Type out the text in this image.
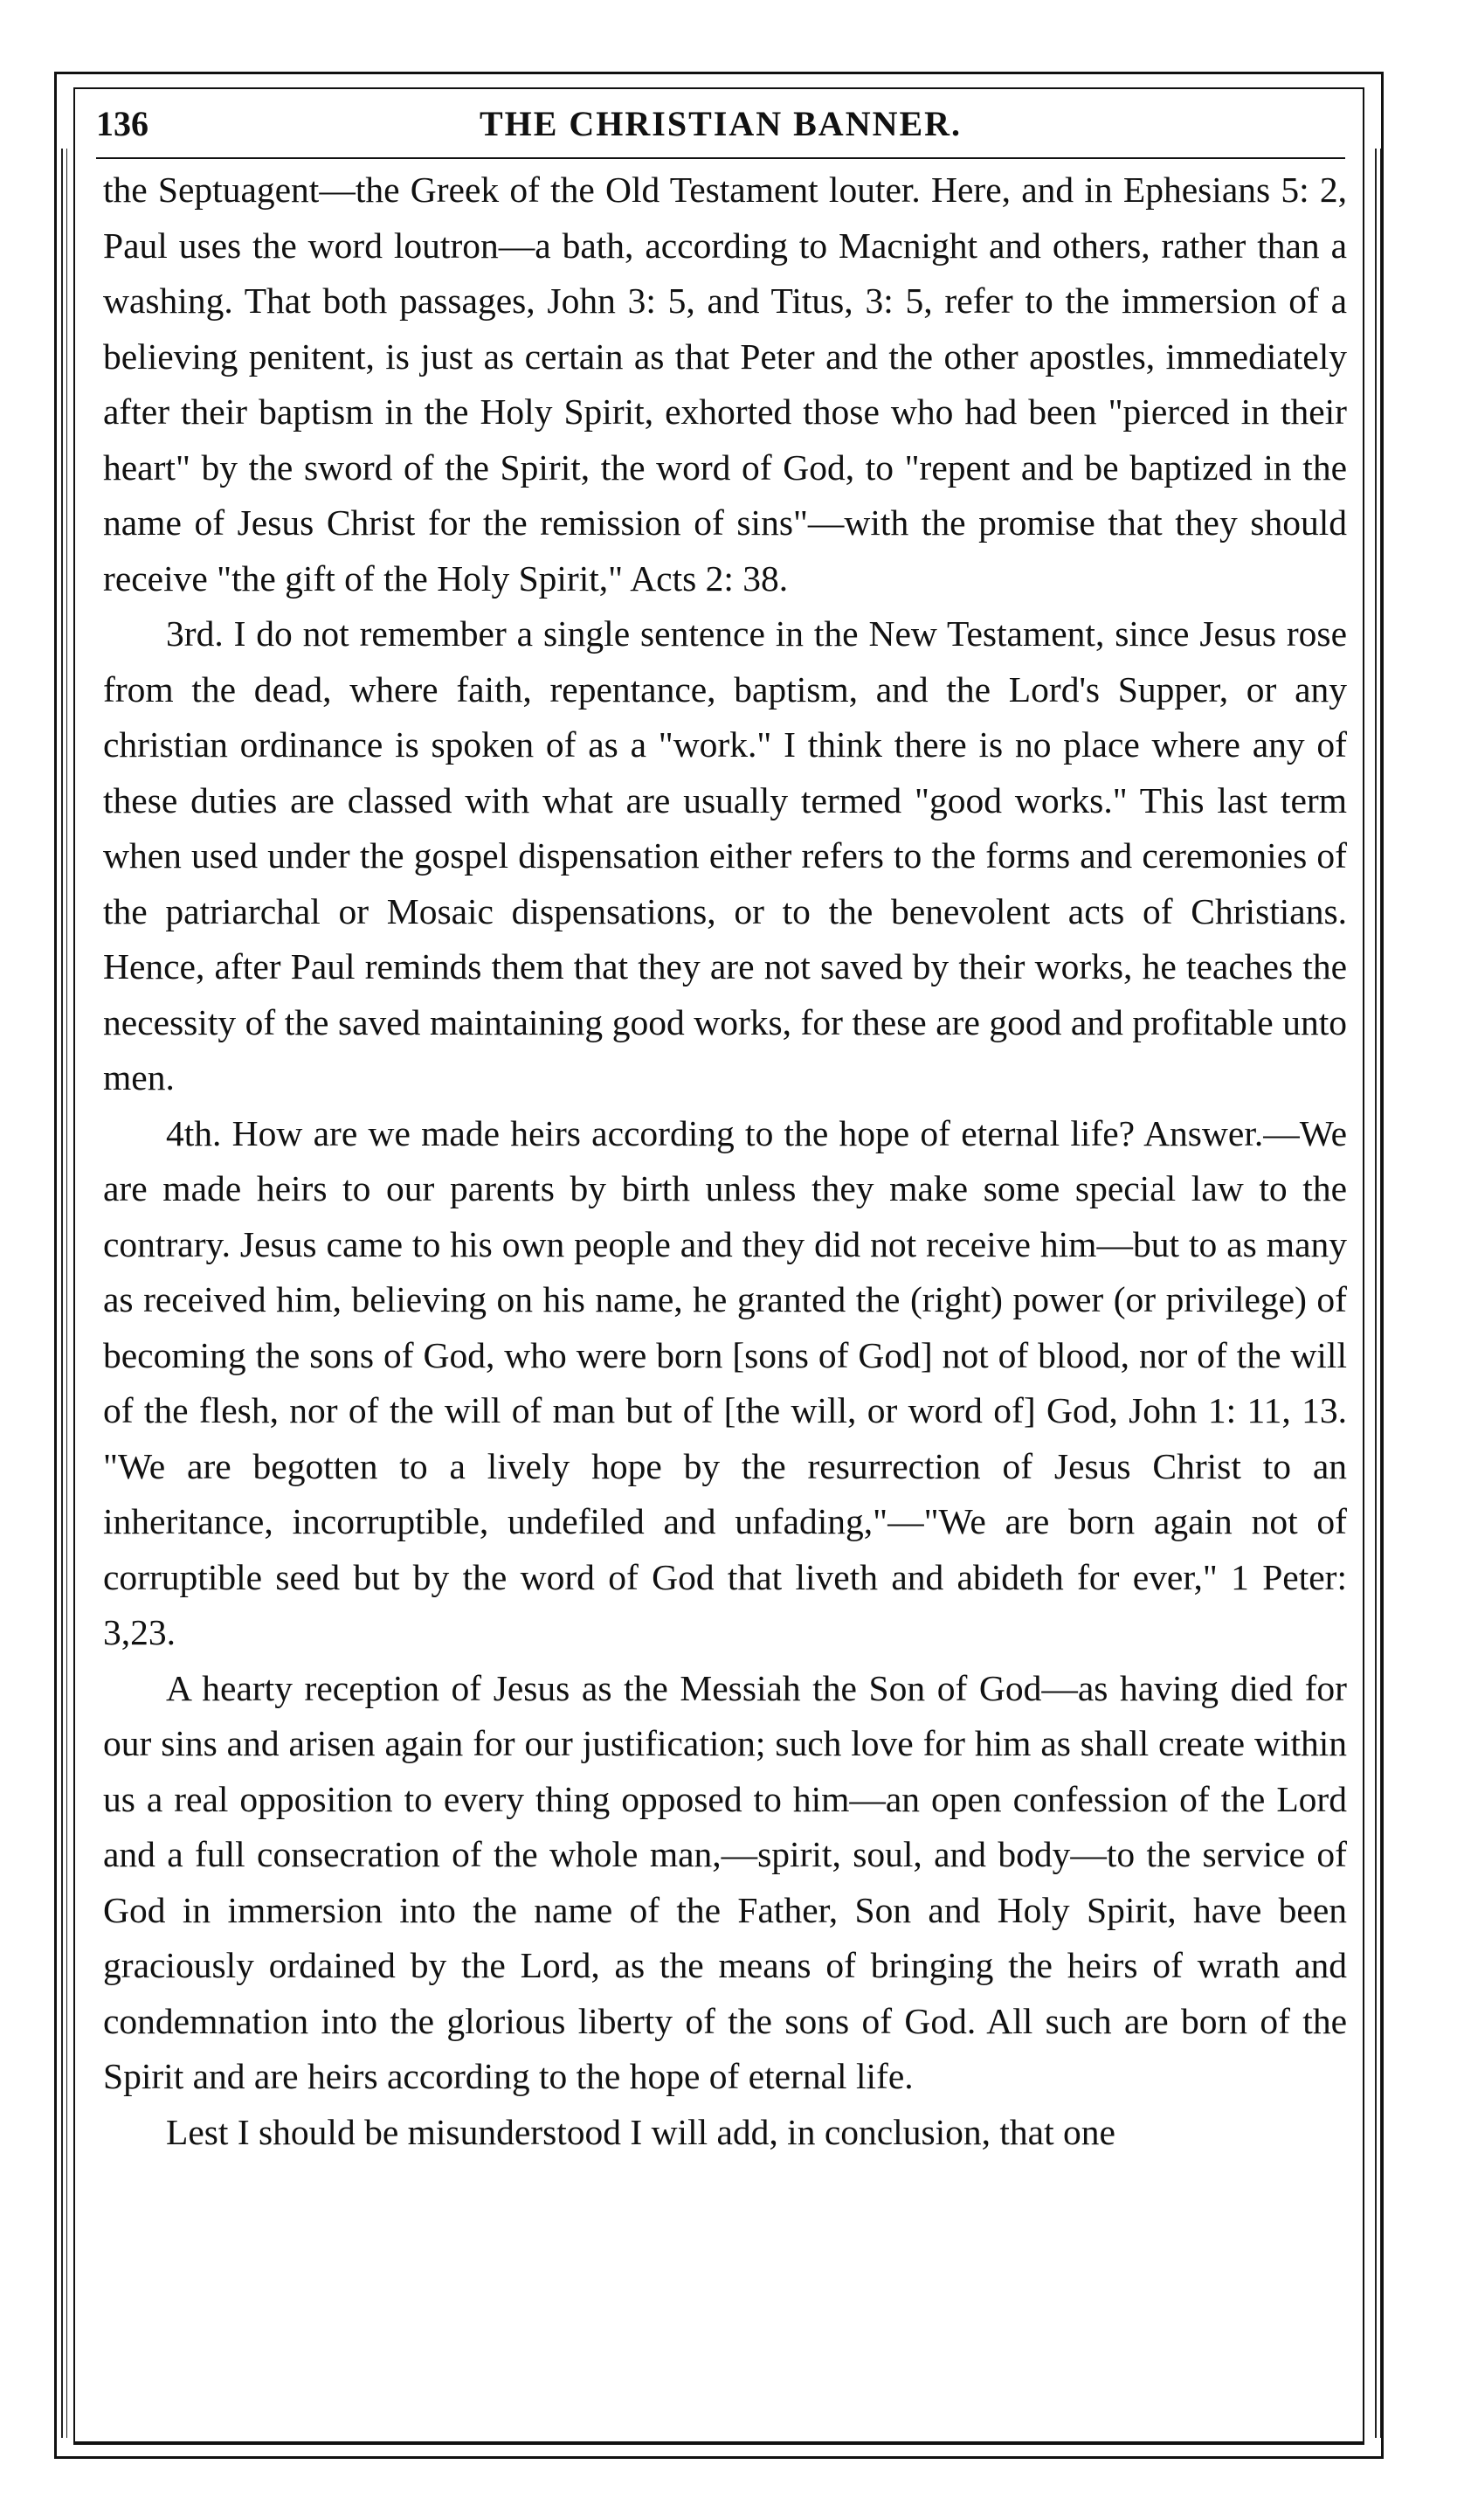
136	THE CHRISTIAN BANNER.

the Septuagent—the Greek of the Old Testament louter. Here, and in Ephesians 5: 2, Paul uses the word loutron—a bath, according to Macnight and others, rather than a washing. That both passages, John 3: 5, and Titus, 3: 5, refer to the immersion of a believing penitent, is just as certain as that Peter and the other apostles, immediately after their baptism in the Holy Spirit, exhorted those who had been "pierced in their heart" by the sword of the Spirit, the word of God, to "repent and be baptized in the name of Jesus Christ for the remission of sins"—with the promise that they should receive "the gift of the Holy Spirit," Acts 2: 38.

3rd. I do not remember a single sentence in the New Testament, since Jesus rose from the dead, where faith, repentance, baptism, and the Lord's Supper, or any christian ordinance is spoken of as a "work." I think there is no place where any of these duties are classed with what are usually termed "good works." This last term when used under the gospel dispensation either refers to the forms and ceremonies of the patriarchal or Mosaic dispensations, or to the benevolent acts of Christians. Hence, after Paul reminds them that they are not saved by their works, he teaches the necessity of the saved maintaining good works, for these are good and profitable unto men.

4th. How are we made heirs according to the hope of eternal life? Answer.—We are made heirs to our parents by birth unless they make some special law to the contrary. Jesus came to his own people and they did not receive him—but to as many as received him, believing on his name, he granted the (right) power (or privilege) of becoming the sons of God, who were born [sons of God] not of blood, nor of the will of the flesh, nor of the will of man but of [the will, or word of] God, John 1: 11, 13. "We are begotten to a lively hope by the resurrection of Jesus Christ to an inheritance, incorruptible, undefiled and unfading,"—"We are born again not of corruptible seed but by the word of God that liveth and abideth for ever," 1 Peter: 3,23.

A hearty reception of Jesus as the Messiah the Son of God—as having died for our sins and arisen again for our justification; such love for him as shall create within us a real opposition to every thing opposed to him—an open confession of the Lord and a full consecration of the whole man,—spirit, soul, and body—to the service of God in immersion into the name of the Father, Son and Holy Spirit, have been graciously ordained by the Lord, as the means of bringing the heirs of wrath and condemnation into the glorious liberty of the sons of God. All such are born of the Spirit and are heirs according to the hope of eternal life.

Lest I should be misunderstood I will add, in conclusion, that one
